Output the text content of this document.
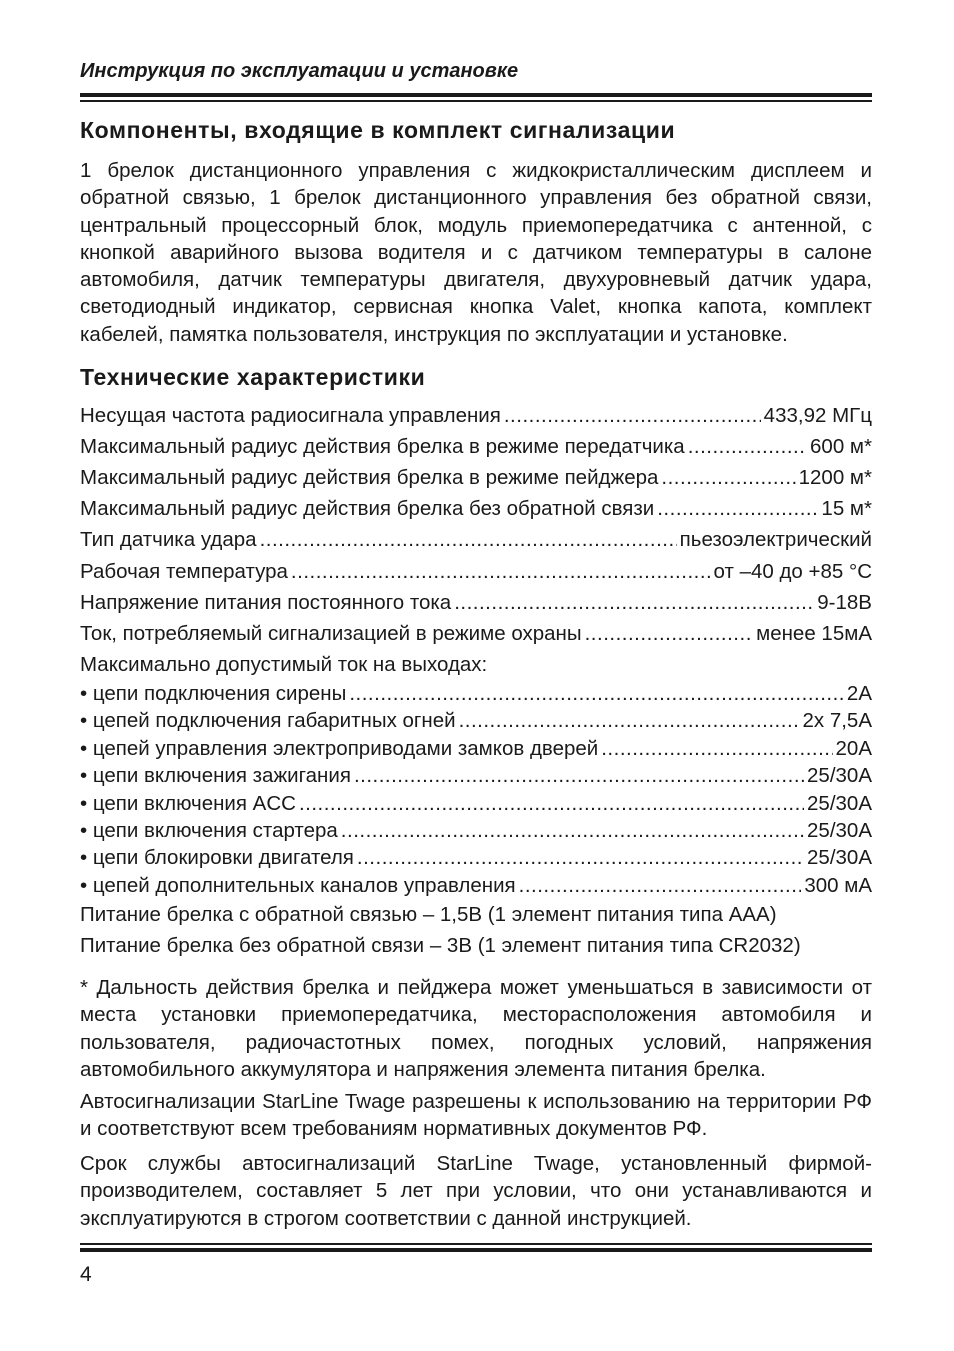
Инструкция по эксплуатации и установке
Компоненты, входящие в комплект сигнализации
1 брелок дистанционного управления с жидкокристаллическим дисплеем и обратной связью, 1 брелок дистанционного управления без обратной связи, центральный процессорный блок, модуль приемопередатчика с антенной, с кнопкой аварийного вызова водителя и с датчиком температуры в салоне автомобиля, датчик температуры двигателя, двухуровневый датчик удара, светодиодный индикатор, сервисная кнопка Valet, кнопка капота, комплект кабелей, памятка пользователя, инструкция по эксплуатации и установке.
Технические характеристики
Несущая частота радиосигнала управления .....	433,92 МГц
Максимальный радиус действия брелка в режиме передатчика .....	600 м*
Максимальный радиус действия брелка в режиме пейджера .....	1200 м*
Максимальный радиус действия брелка без обратной связи .....	15 м*
Тип датчика удара .....	пьезоэлектрический
Рабочая температура .....	от –40 до +85 °С
Напряжение питания постоянного тока .....	9-18В
Ток, потребляемый сигнализацией в режиме охраны .....	менее 15мА
Максимально допустимый ток на выходах:
• цепи подключения сирены .....	2А
• цепей подключения габаритных огней .....	2х 7,5А
• цепей управления электроприводами замков дверей .....	20А
• цепи включения зажигания .....	25/30А
• цепи включения ACC .....	25/30А
• цепи включения стартера .....	25/30А
• цепи блокировки двигателя .....	25/30А
• цепей дополнительных каналов управления .....	300 мА
Питание брелка с обратной связью – 1,5В (1 элемент питания типа ААА)
Питание брелка без обратной связи – 3В (1 элемент питания типа CR2032)
* Дальность действия брелка и пейджера может уменьшаться в зависимости от места установки приемопередатчика, месторасположения автомобиля и пользователя, радиочастотных помех, погодных условий, напряжения автомобильного аккумулятора и напряжения элемента питания брелка.
Автосигнализации StarLine Twage разрешены к использованию на территории РФ и соответствуют всем требованиям нормативных документов РФ.
Срок службы автосигнализаций StarLine Twage, установленный фирмой-производителем, составляет 5 лет при условии, что они устанавливаются и эксплуатируются в строгом соответствии с данной инструкцией.
4
